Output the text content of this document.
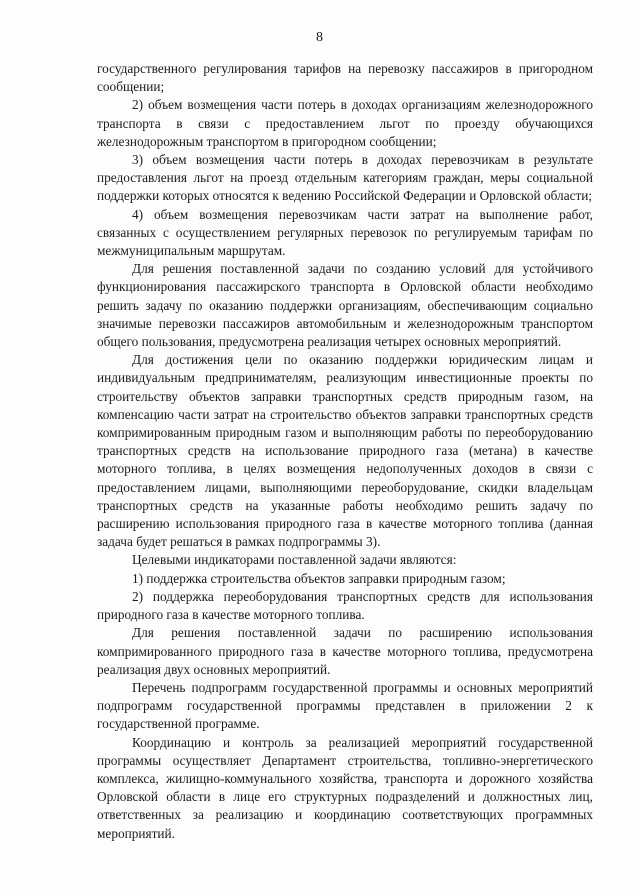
8

государственного регулирования тарифов на перевозку пассажиров в пригородном сообщении;

2) объем возмещения части потерь в доходах организациям железнодорожного транспорта в связи с предоставлением льгот по проезду обучающихся железнодорожным транспортом в пригородном сообщении;

3) объем возмещения части потерь в доходах перевозчикам в результате предоставления льгот на проезд отдельным категориям граждан, меры социальной поддержки которых относятся к ведению Российской Федерации и Орловской области;

4) объем возмещения перевозчикам части затрат на выполнение работ, связанных с осуществлением регулярных перевозок по регулируемым тарифам по межмуниципальным маршрутам.

Для решения поставленной задачи по созданию условий для устойчивого функционирования пассажирского транспорта в Орловской области необходимо решить задачу по оказанию поддержки организациям, обеспечивающим социально значимые перевозки пассажиров автомобильным и железнодорожным транспортом общего пользования, предусмотрена реализация четырех основных мероприятий.

Для достижения цели по оказанию поддержки юридическим лицам и индивидуальным предпринимателям, реализующим инвестиционные проекты по строительству объектов заправки транспортных средств природным газом, на компенсацию части затрат на строительство объектов заправки транспортных средств компримированным природным газом и выполняющим работы по переоборудованию транспортных средств на использование природного газа (метана) в качестве моторного топлива, в целях возмещения недополученных доходов в связи с предоставлением лицами, выполняющими переоборудование, скидки владельцам транспортных средств на указанные работы необходимо решить задачу по расширению использования природного газа в качестве моторного топлива (данная задача будет решаться в рамках подпрограммы 3).

Целевыми индикаторами поставленной задачи являются:

1) поддержка строительства объектов заправки природным газом;

2) поддержка переоборудования транспортных средств для использования природного газа в качестве моторного топлива.

Для решения поставленной задачи по расширению использования компримированного природного газа в качестве моторного топлива, предусмотрена реализация двух основных мероприятий.

Перечень подпрограмм государственной программы и основных мероприятий подпрограмм государственной программы представлен в приложении 2 к государственной программе.

Координацию и контроль за реализацией мероприятий государственной программы осуществляет Департамент строительства, топливно-энергетического комплекса, жилищно-коммунального хозяйства, транспорта и дорожного хозяйства Орловской области в лице его структурных подразделений и должностных лиц, ответственных за реализацию и координацию соответствующих программных мероприятий.
